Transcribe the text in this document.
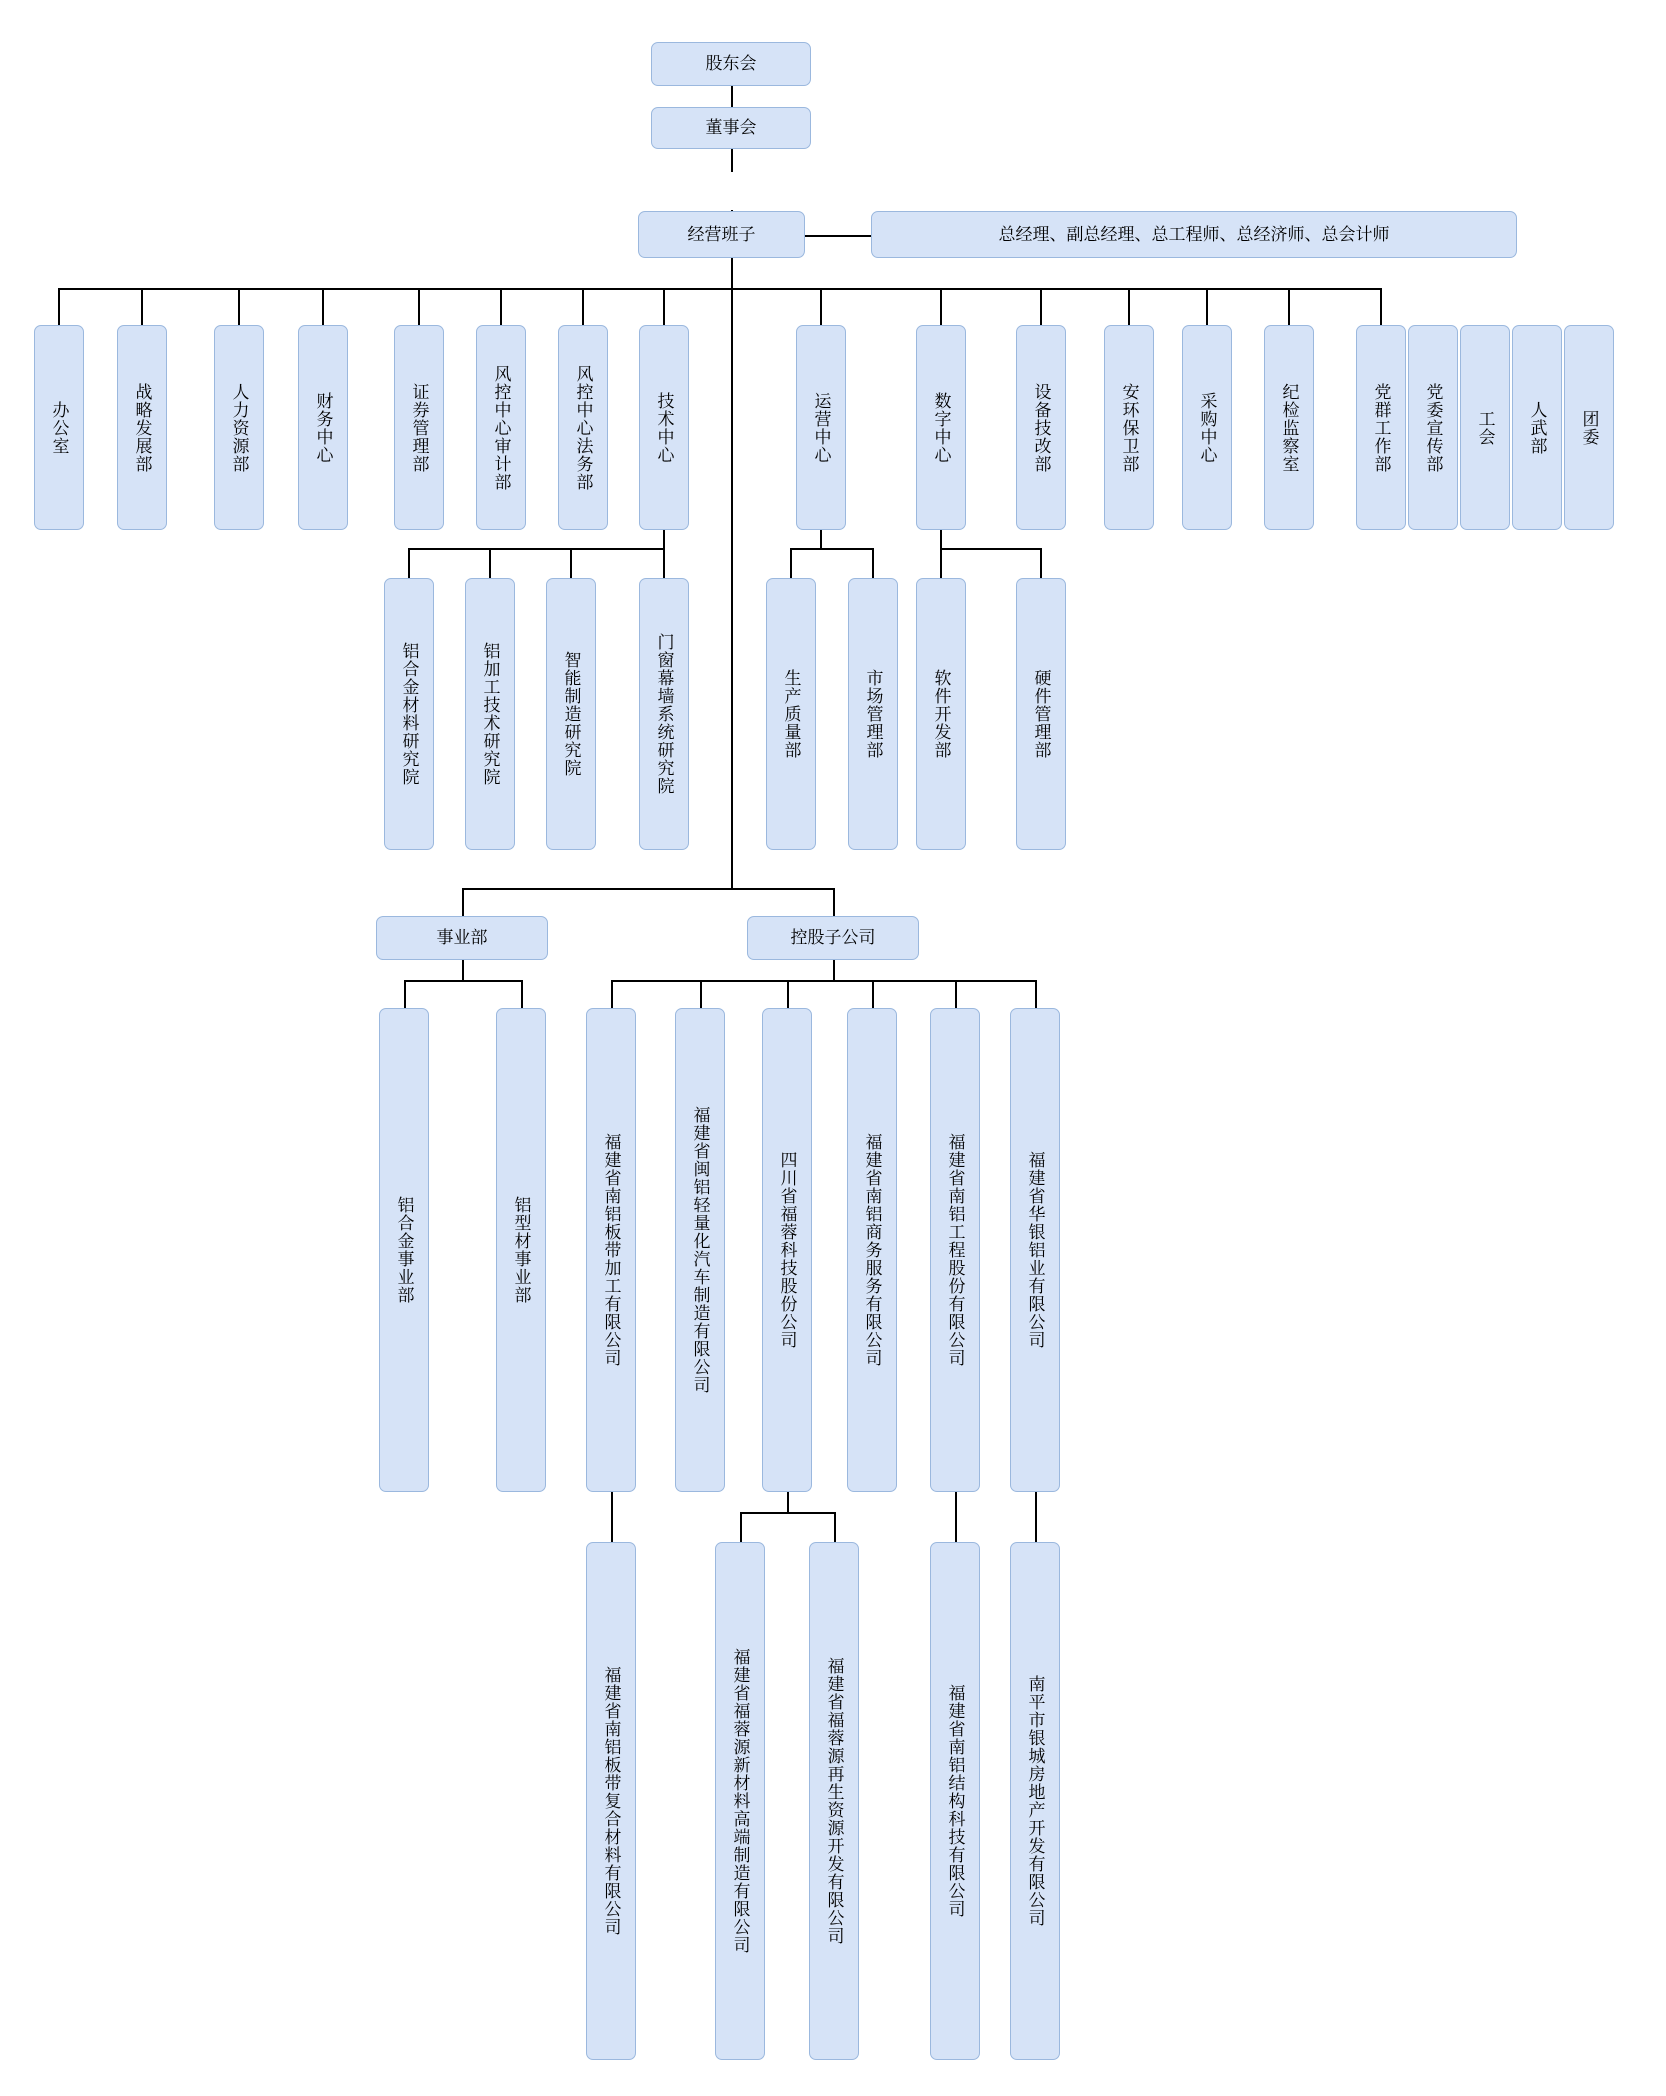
股东会
董事会
经营班子	总经理、副总经理、总工程师、总经济师、总会计师
办公室	战略发展部	人力资源部	财务中心	证券管理部	风控中心审计部	风控中心法务部	技术中心	运营中心	数字中心	设备技改部	安环保卫部	采购中心	纪检监察室	党群工作部	党委宣传部	工会	人武部	团委
铝合金材料研究院	铝加工技术研究院	智能制造研究院	门窗幕墙系统研究院	生产质量部	市场管理部	软件开发部	硬件管理部
事业部	控股子公司
铝合金事业部	铝型材事业部	福建省南铝板带加工有限公司	福建省闽铝轻量化汽车制造有限公司	四川省福蓉科技股份公司	福建省南铝商务服务有限公司	福建省南铝工程股份有限公司	福建省华银铝业有限公司
福建省南铝板带复合材料有限公司	福建省福蓉源新材料高端制造有限公司	福建省福蓉源再生资源开发有限公司	福建省南铝结构科技有限公司	南平市银城房地产开发有限公司
